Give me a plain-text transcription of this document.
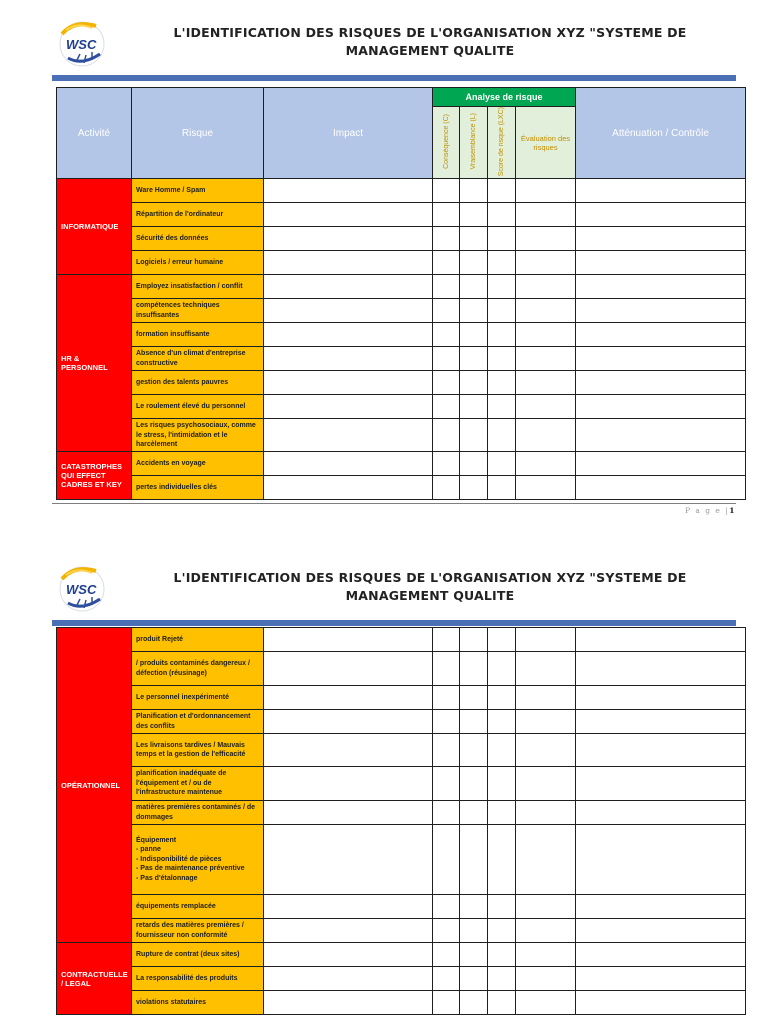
WSC
L'IDENTIFICATION DES RISQUES DE L'ORGANISATION XYZ "SYSTEME DE
MANAGEMENT QUALITE
Activité	Risque	Impact	Analyse de risque				Atténuation / Contrôle
			Conséquence (C)	Vraisemblance (L)	Score de risque (LXC)	Évaluation des risques	
INFORMATIQUE	Ware Homme / Spam						
	Répartition de l'ordinateur						
	Sécurité des données						
	Logiciels / erreur humaine						
HR & PERSONNEL	Employez insatisfaction / conflit						
	compétences techniques insuffisantes						
	formation insuffisante						
	Absence d'un climat d'entreprise constructive						
	gestion des talents pauvres						
	Le roulement élevé du personnel						
	Les risques psychosociaux, comme le stress, l'intimidation et le harcèlement						
CATASTROPHES QUI EFFECT CADRES ET KEY	Accidents en voyage						
	pertes individuelles clés						
P a g e |1
WSC
L'IDENTIFICATION DES RISQUES DE L'ORGANISATION XYZ "SYSTEME DE
MANAGEMENT QUALITE
OPÉRATIONNEL	produit Rejeté						
	/ produits contaminés dangereux / défection (réusinage)						
	Le personnel inexpérimenté						
	Planification et d'ordonnancement des conflits						
	Les livraisons tardives / Mauvais temps et la gestion de l'efficacité						
	planification inadéquate de l'équipement et / ou de l'infrastructure maintenue						
	matières premières contaminés / de dommages						
	Équipement
- panne
- Indisponibilité de pièces
- Pas de maintenance préventive
- Pas d'étalonnage						
	équipements remplacée						
	retards des matières premières / fournisseur non conformité						
CONTRACTUELLE / LEGAL	Rupture de contrat (deux sites)						
	La responsabilité des produits						
	violations statutaires						
